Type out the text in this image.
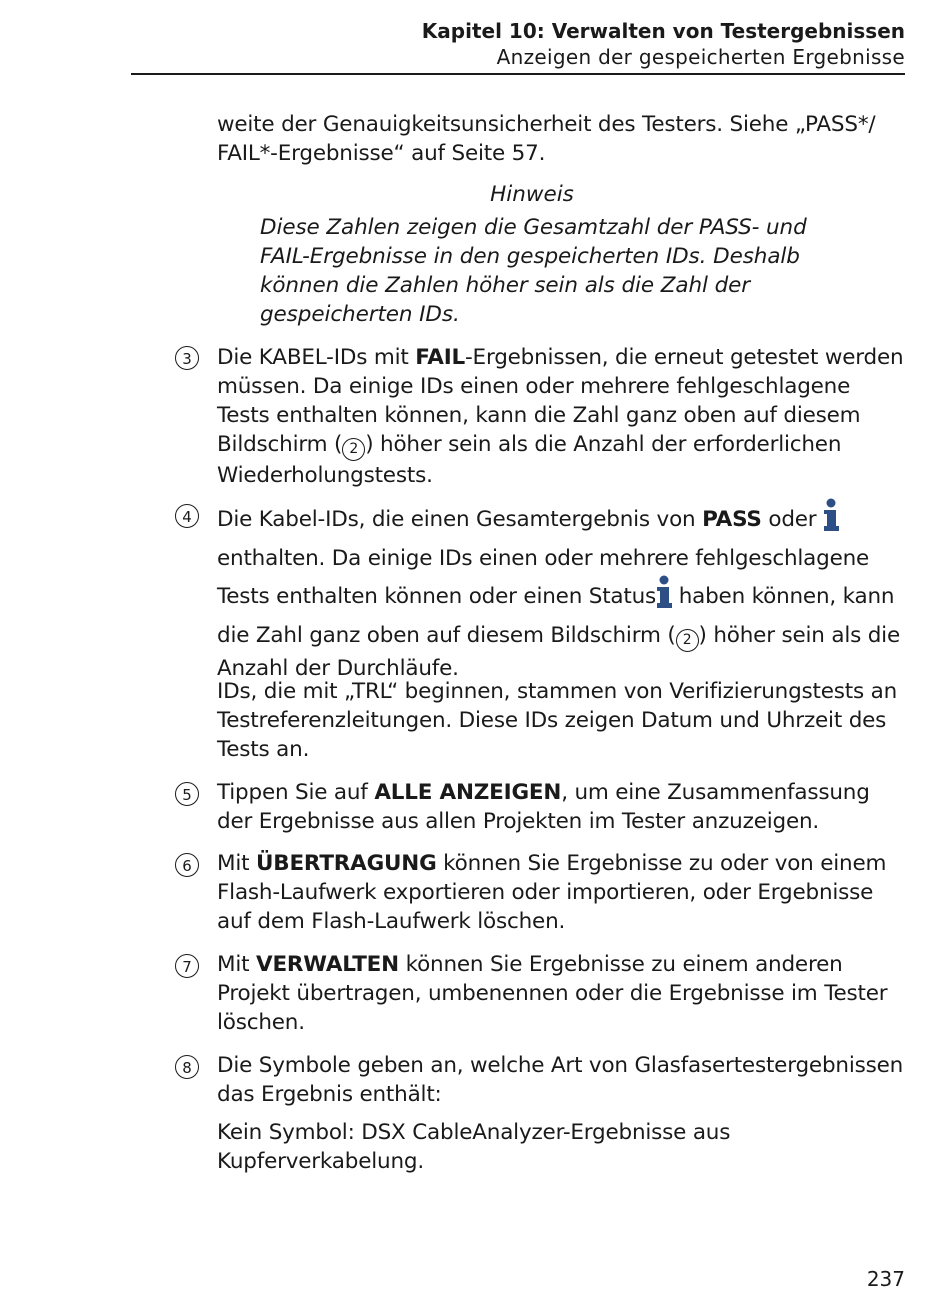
Kapitel 10: Verwalten von Testergebnissen
Anzeigen der gespeicherten Ergebnisse
weite der Genauigkeitsunsicherheit des Testers. Siehe „PASS*/
FAIL*-Ergebnisse“ auf Seite 57.
Hinweis
Diese Zahlen zeigen die Gesamtzahl der PASS- und FAIL-Ergebnisse in den gespeicherten IDs. Deshalb können die Zahlen höher sein als die Zahl der gespeicherten IDs.
3	Die KABEL-IDs mit FAIL-Ergebnissen, die erneut getestet werden müssen. Da einige IDs einen oder mehrere fehlgeschlagene Tests enthalten können, kann die Zahl ganz oben auf diesem Bildschirm ( 2 ) höher sein als die Anzahl der erforderlichen Wiederholungstests.
4	Die Kabel-IDs, die einen Gesamtergebnis von PASS oder  enthalten. Da einige IDs einen oder mehrere fehlgeschlagene Tests enthalten können oder einen Status haben können, kann die Zahl ganz oben auf diesem Bildschirm ( 2 ) höher sein als die Anzahl der Durchläufe.
IDs, die mit „TRL“ beginnen, stammen von Verifizierungstests an Testreferenzleitungen. Diese IDs zeigen Datum und Uhrzeit des Tests an.
5	Tippen Sie auf ALLE ANZEIGEN, um eine Zusammenfassung der Ergebnisse aus allen Projekten im Tester anzuzeigen.
6	Mit ÜBERTRAGUNG können Sie Ergebnisse zu oder von einem Flash-Laufwerk exportieren oder importieren, oder Ergebnisse auf dem Flash-Laufwerk löschen.
7	Mit VERWALTEN können Sie Ergebnisse zu einem anderen Projekt übertragen, umbenennen oder die Ergebnisse im Tester löschen.
8	Die Symbole geben an, welche Art von Glasfasertestergebnissen das Ergebnis enthält:
Kein Symbol: DSX CableAnalyzer-Ergebnisse aus Kupferverkabelung.
237
